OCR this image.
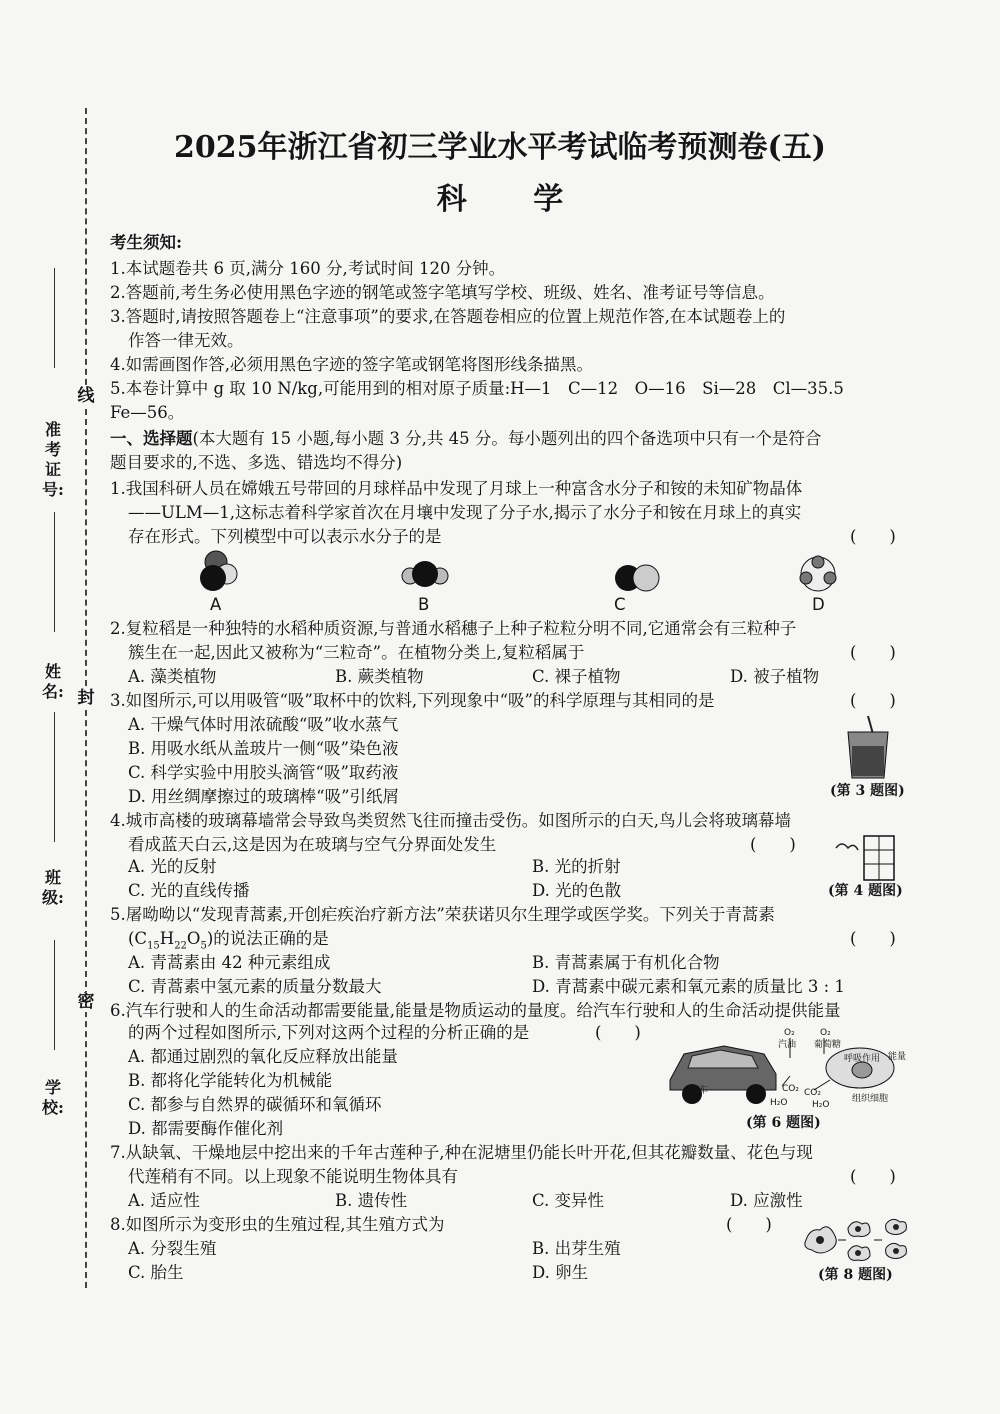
2025年浙江省初三学业水平考试临考预测卷(五)
科 学
准考证号:
姓名:
班级:
学校:
线
封
密
考生须知:
1.本试题卷共 6 页,满分 160 分,考试时间 120 分钟。
2.答题前,考生务必使用黑色字迹的钢笔或签字笔填写学校、班级、姓名、准考证号等信息。
3.答题时,请按照答题卷上“注意事项”的要求,在答题卷相应的位置上规范作答,在本试题卷上的
作答一律无效。
4.如需画图作答,必须用黑色字迹的签字笔或钢笔将图形线条描黑。
5.本卷计算中 g 取 10 N/kg,可能用到的相对原子质量:H—1　C—12　O—16　Si—28　Cl—35.5
Fe—56。
一、选择题(本大题有 15 小题,每小题 3 分,共 45 分。每小题列出的四个备选项中只有一个是符合
题目要求的,不选、多选、错选均不得分)
1.我国科研人员在嫦娥五号带回的月球样品中发现了月球上一种富含水分子和铵的未知矿物晶体
——ULM—1,这标志着科学家首次在月壤中发现了分子水,揭示了水分子和铵在月球上的真实
存在形式。下列模型中可以表示水分子的是	(　　)
A	B	C	D
2.复粒稻是一种独特的水稻种质资源,与普通水稻穗子上种子粒粒分明不同,它通常会有三粒种子
簇生在一起,因此又被称为“三粒奇”。在植物分类上,复粒稻属于	(　　)
A. 藻类植物	B. 蕨类植物	C. 裸子植物	D. 被子植物
3.如图所示,可以用吸管“吸”取杯中的饮料,下列现象中“吸”的科学原理与其相同的是	(　　)
A. 干燥气体时用浓硫酸“吸”收水蒸气
B. 用吸水纸从盖玻片一侧“吸”染色液
C. 科学实验中用胶头滴管“吸”取药液
D. 用丝绸摩擦过的玻璃棒“吸”引纸屑	(第 3 题图)
4.城市高楼的玻璃幕墙常会导致鸟类贸然飞往而撞击受伤。如图所示的白天,鸟儿会将玻璃幕墙
看成蓝天白云,这是因为在玻璃与空气分界面处发生	(　　)
A. 光的反射	B. 光的折射
C. 光的直线传播	D. 光的色散	(第 4 题图)
5.屠呦呦以“发现青蒿素,开创疟疾治疗新方法”荣获诺贝尔生理学或医学奖。下列关于青蒿素
$(C_{15}H_{22}O_5)$的说法正确的是	(　　)
A. 青蒿素由 42 种元素组成	B. 青蒿素属于有机化合物
C. 青蒿素中氢元素的质量分数最大	D. 青蒿素中碳元素和氧元素的质量比 3 : 1
6.汽车行驶和人的生命活动都需要能量,能量是物质运动的量度。给汽车行驶和人的生命活动提供能量
的两个过程如图所示,下列对这两个过程的分析正确的是	(　　)
A. 都通过剧烈的氧化反应释放出能量
B. 都将化学能转化为机械能
C. 都参与自然界的碳循环和氧循环
D. 都需要酶作催化剂
O₂
汽油
O₂
葡萄糖
呼吸作用 能量
汽车	CO₂
H₂O
CO₂
H₂O
组织细胞
(第 6 题图)
7.从缺氧、干燥地层中挖出来的千年古莲种子,种在泥塘里仍能长叶开花,但其花瓣数量、花色与现
代莲稍有不同。以上现象不能说明生物体具有	(　　)
A. 适应性	B. 遗传性	C. 变异性	D. 应激性
8.如图所示为变形虫的生殖过程,其生殖方式为	(　　)
A. 分裂生殖	B. 出芽生殖
C. 胎生	D. 卵生	(第 8 题图)
